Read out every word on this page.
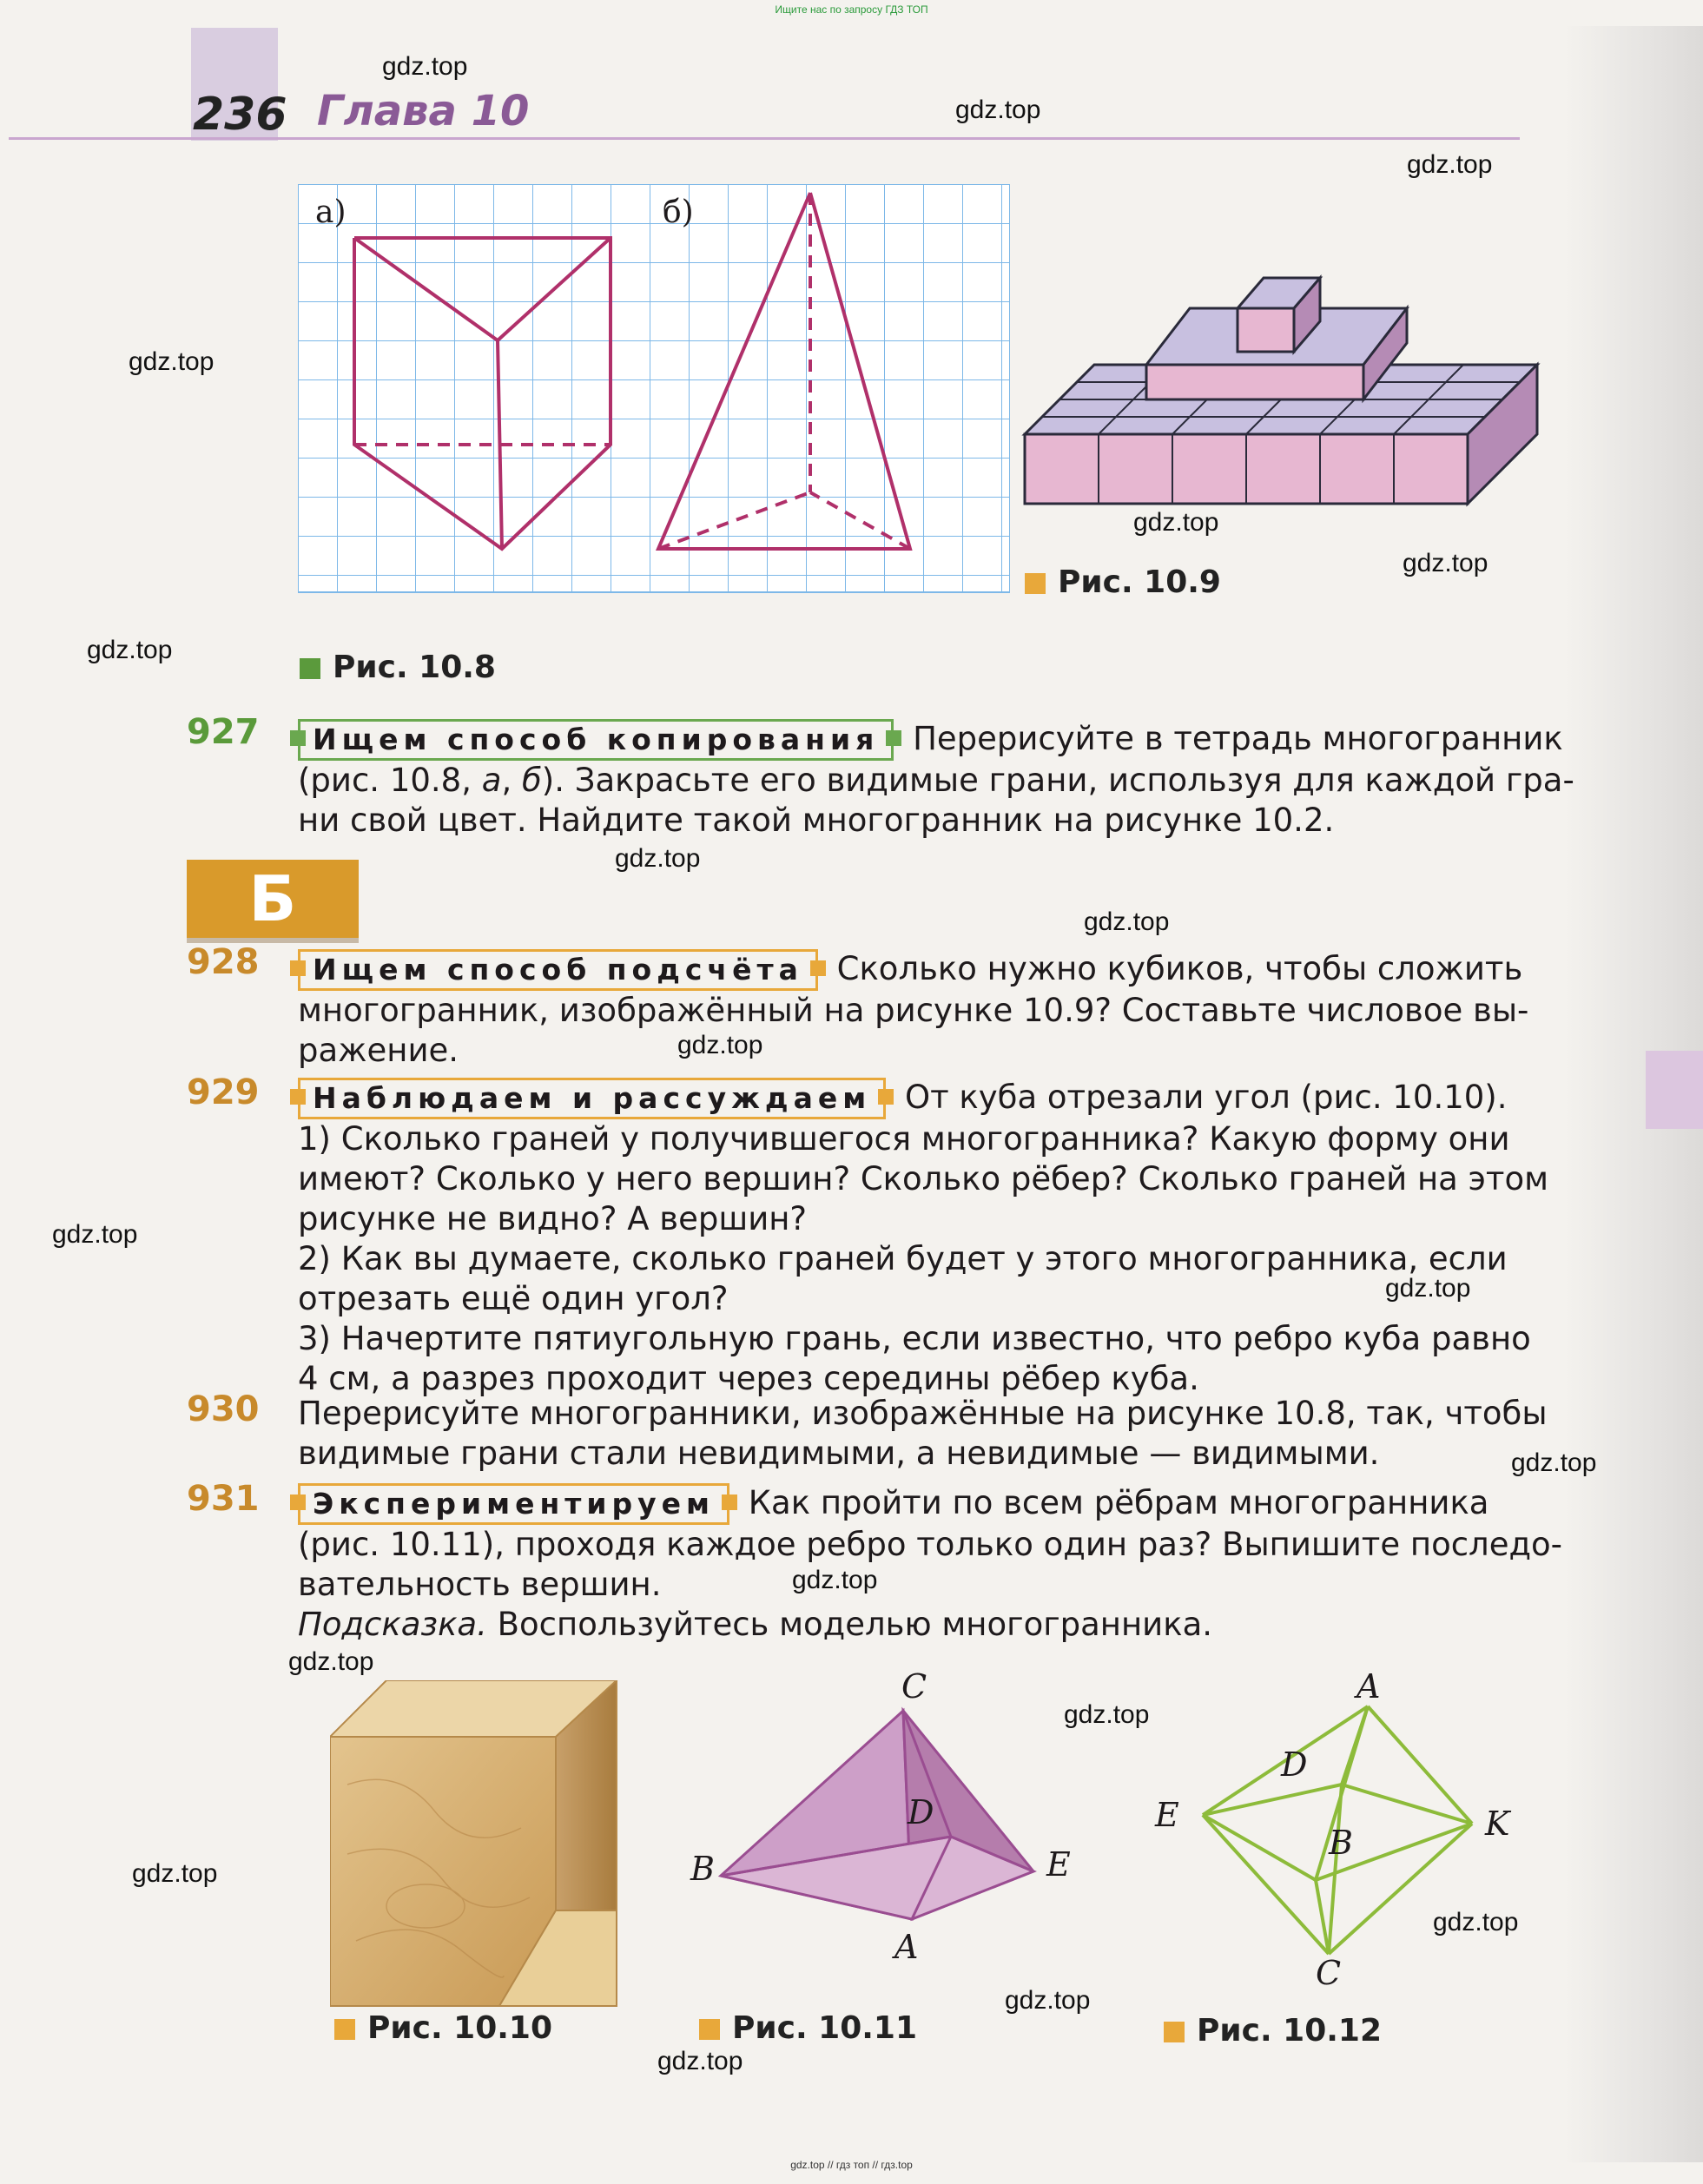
Ищите нас по запросу ГДЗ ТОП
236 Глава 10
а)	б)
Рис. 10.8
Рис. 10.9
927	Ищем способ копирования Перерисуйте в тетрадь многогранник
(рис. 10.8, а, б). Закрасьте его видимые грани, используя для каждой гра-
ни свой цвет. Найдите такой многогранник на рисунке 10.2.
Б
928	Ищем способ подсчёта Сколько нужно кубиков, чтобы сложить
многогранник, изображённый на рисунке 10.9? Составьте числовое вы-
ражение.
929	Наблюдаем и рассуждаем От куба отрезали угол (рис. 10.10).
1) Сколько граней у получившегося многогранника? Какую форму они
имеют? Сколько у него вершин? Сколько рёбер? Сколько граней на этом
рисунке не видно? А вершин?
2) Как вы думаете, сколько граней будет у этого многогранника, если
отрезать ещё один угол?
3) Начертите пятиугольную грань, если известно, что ребро куба равно
4 см, а разрез проходит через середины рёбер куба.
930 Перерисуйте многогранники, изображённые на рисунке 10.8, так, чтобы
видимые грани стали невидимыми, а невидимые — видимыми.
931	Экспериментируем Как пройти по всем рёбрам многогранника
(рис. 10.11), проходя каждое ребро только один раз? Выпишите последо-
вательность вершин.
Подсказка. Воспользуйтесь моделью многогранника.
Рис. 10.10
C
D
B	E
A
Рис. 10.11
A
D
E	K
B
C
Рис. 10.12
gdz.top
gdz.top
gdz.top
gdz.top
gdz.top
gdz.top
gdz.top
gdz.top
gdz.top
gdz.top
gdz.top
gdz.top
gdz.top
gdz.top
gdz.top
gdz.top
gdz.top
gdz.top
gdz.top
gdz.top
gdz.top // гдз топ // гдз.top
